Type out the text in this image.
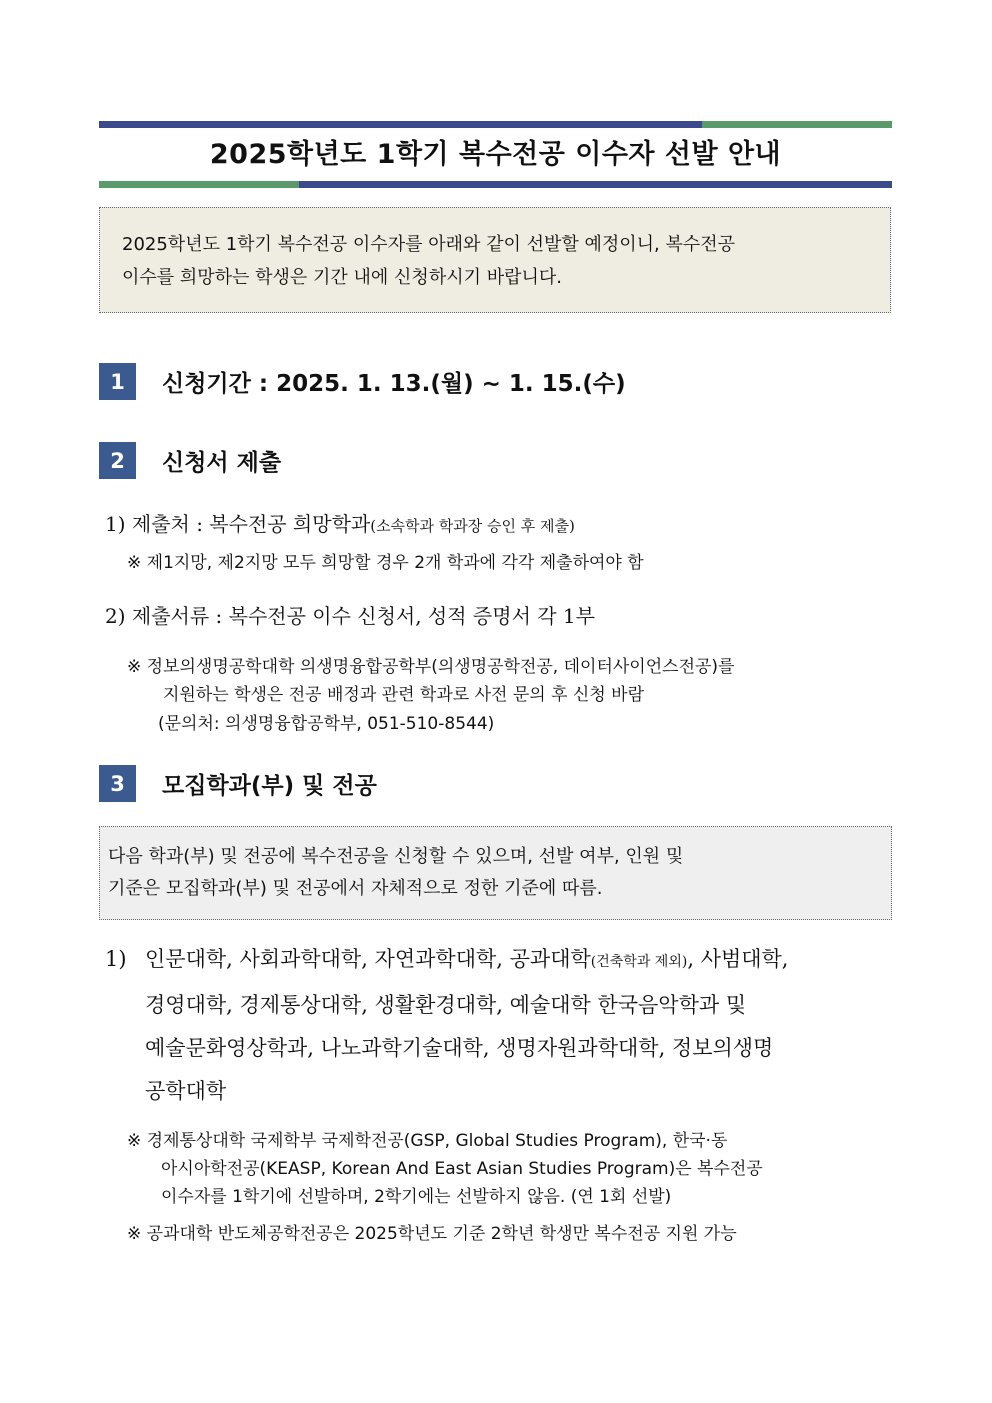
2025학년도 1학기 복수전공 이수자 선발 안내
2025학년도 1학기 복수전공 이수자를 아래와 같이 선발할 예정이니, 복수전공
이수를 희망하는 학생은 기간 내에 신청하시기 바랍니다.
1	신청기간 : 2025. 1. 13.(월) ~ 1. 15.(수)
2	신청서 제출
1) 제출처 : 복수전공 희망학과(소속학과 학과장 승인 후 제출)
※ 제1지망, 제2지망 모두 희망할 경우 2개 학과에 각각 제출하여야 함
2) 제출서류 : 복수전공 이수 신청서, 성적 증명서 각 1부
※ 정보의생명공학대학 의생명융합공학부(의생명공학전공, 데이터사이언스전공)를
지원하는 학생은 전공 배정과 관련 학과로 사전 문의 후 신청 바람
(문의처: 의생명융합공학부, 051-510-8544)
3	모집학과(부) 및 전공
다음 학과(부) 및 전공에 복수전공을 신청할 수 있으며, 선발 여부, 인원 및
기준은 모집학과(부) 및 전공에서 자체적으로 정한 기준에 따름.
1) 인문대학, 사회과학대학, 자연과학대학, 공과대학(건축학과 제외), 사범대학,
경영대학, 경제통상대학, 생활환경대학, 예술대학 한국음악학과 및
예술문화영상학과, 나노과학기술대학, 생명자원과학대학, 정보의생명
공학대학
※ 경제통상대학 국제학부 국제학전공(GSP, Global Studies Program), 한국·동
아시아학전공(KEASP, Korean And East Asian Studies Program)은 복수전공
이수자를 1학기에 선발하며, 2학기에는 선발하지 않음. (연 1회 선발)
※ 공과대학 반도체공학전공은 2025학년도 기준 2학년 학생만 복수전공 지원 가능
